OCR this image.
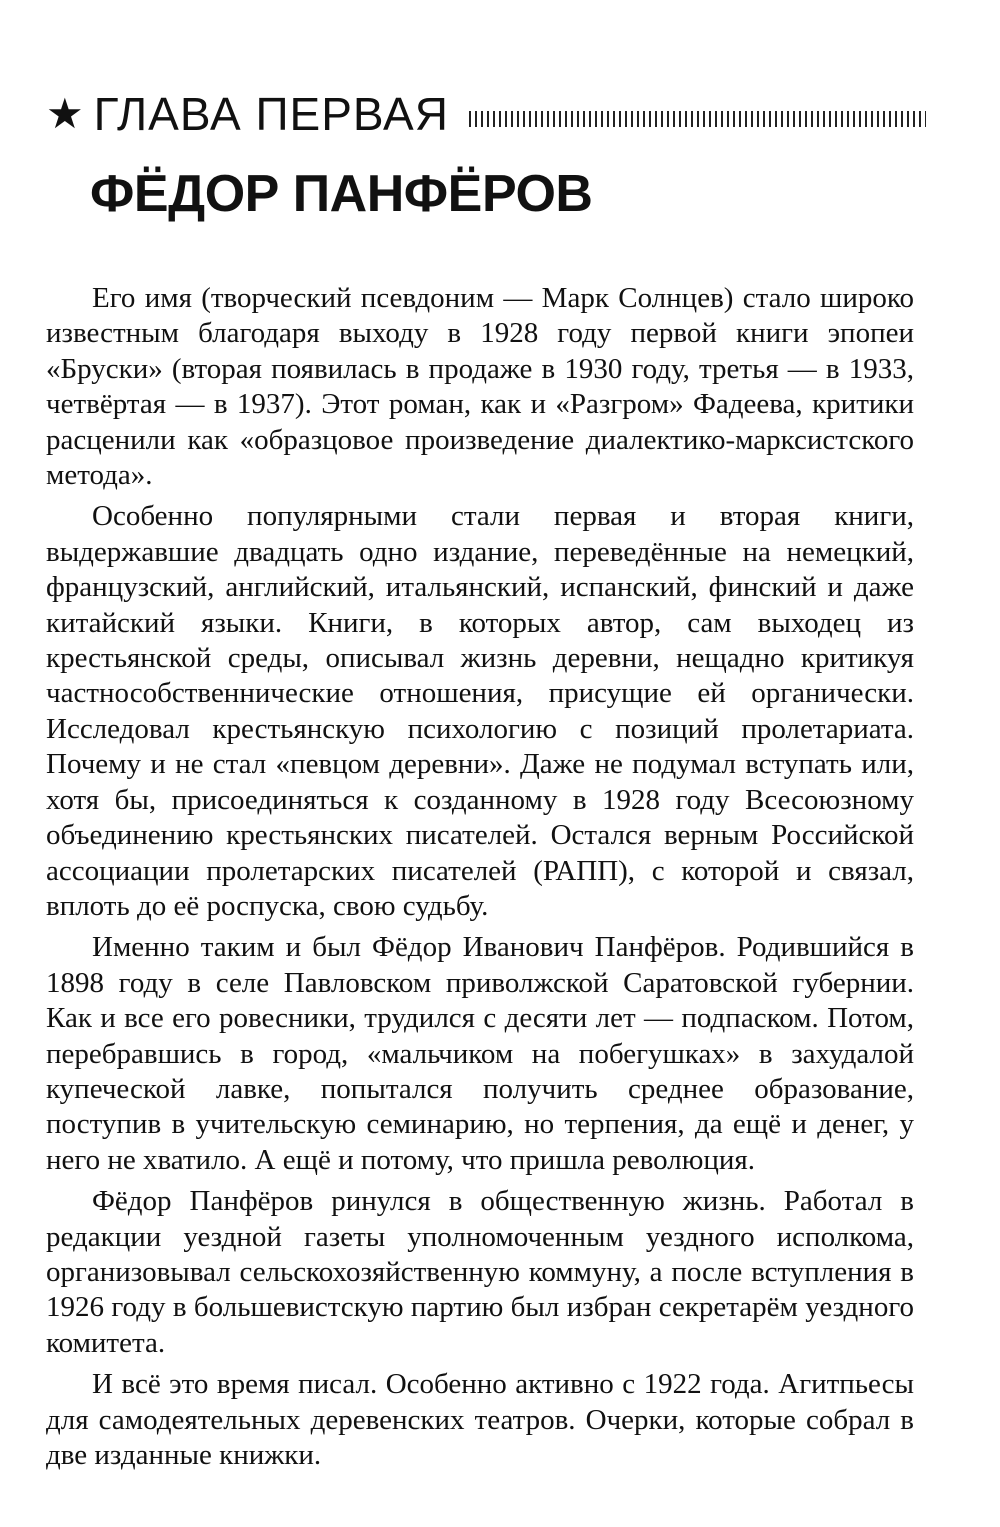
★ ГЛАВА ПЕРВАЯ
ФЁДОР ПАНФЁРОВ

Его имя (творческий псевдоним — Марк Солнцев) стало широко известным благодаря выходу в 1928 году первой книги эпопеи «Бруски» (вторая появилась в продаже в 1930 году, третья — в 1933, четвёртая — в 1937). Этот роман, как и «Разгром» Фадеева, критики расценили как «образцовое произведение диалектико-марксистского метода».

Особенно популярными стали первая и вторая книги, выдержавшие двадцать одно издание, переведённые на немецкий, французский, английский, итальянский, испанский, финский и даже китайский языки. Книги, в которых автор, сам выходец из крестьянской среды, описывал жизнь деревни, нещадно критикуя частнособственнические отношения, присущие ей органически. Исследовал крестьянскую психологию с позиций пролетариата. Почему и не стал «певцом деревни». Даже не подумал вступать или, хотя бы, присоединяться к созданному в 1928 году Всесоюзному объединению крестьянских писателей. Остался верным Российской ассоциации пролетарских писателей (РАПП), с которой и связал, вплоть до её роспуска, свою судьбу.

Именно таким и был Фёдор Иванович Панфёров. Родившийся в 1898 году в селе Павловском приволжской Саратовской губернии. Как и все его ровесники, трудился с десяти лет — подпаском. Потом, перебравшись в город, «мальчиком на побегушках» в захудалой купеческой лавке, попытался получить среднее образование, поступив в учительскую семинарию, но терпения, да ещё и денег, у него не хватило. А ещё и потому, что пришла революция.

Фёдор Панфёров ринулся в общественную жизнь. Работал в редакции уездной газеты уполномоченным уездного исполкома, организовывал сельскохозяйственную коммуну, а после вступления в 1926 году в большевистскую партию был избран секретарём уездного комитета.

И всё это время писал. Особенно активно с 1922 года. Агитпьесы для самодеятельных деревенских театров. Очерки, которые собрал в две изданные книжки.
